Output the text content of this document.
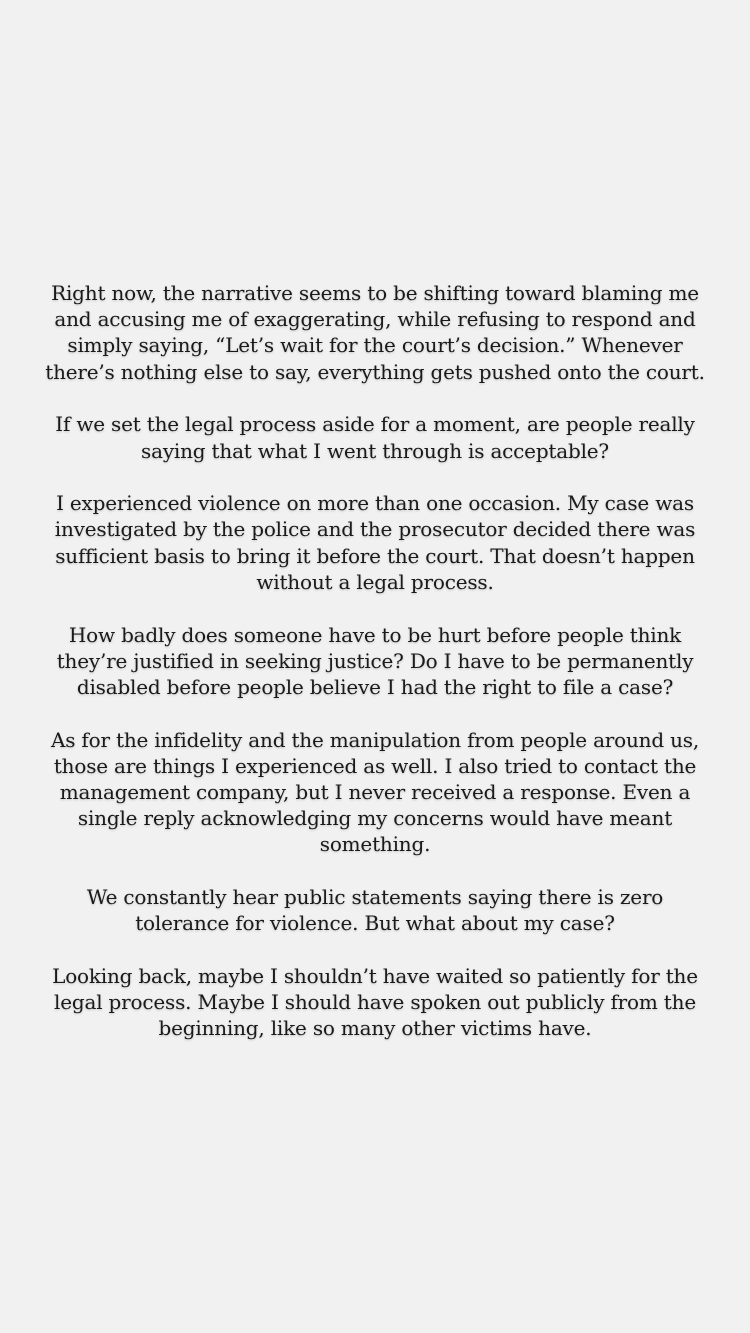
Right now, the narrative seems to be shifting toward blaming me and accusing me of exaggerating, while refusing to respond and simply saying, “Let’s wait for the court’s decision.” Whenever there’s nothing else to say, everything gets pushed onto the court.

If we set the legal process aside for a moment, are people really saying that what I went through is acceptable?

I experienced violence on more than one occasion. My case was investigated by the police and the prosecutor decided there was sufficient basis to bring it before the court. That doesn’t happen without a legal process.

How badly does someone have to be hurt before people think they’re justified in seeking justice? Do I have to be permanently disabled before people believe I had the right to file a case?

As for the infidelity and the manipulation from people around us, those are things I experienced as well. I also tried to contact the management company, but I never received a response. Even a single reply acknowledging my concerns would have meant something.

We constantly hear public statements saying there is zero tolerance for violence. But what about my case?

Looking back, maybe I shouldn’t have waited so patiently for the legal process. Maybe I should have spoken out publicly from the beginning, like so many other victims have.
